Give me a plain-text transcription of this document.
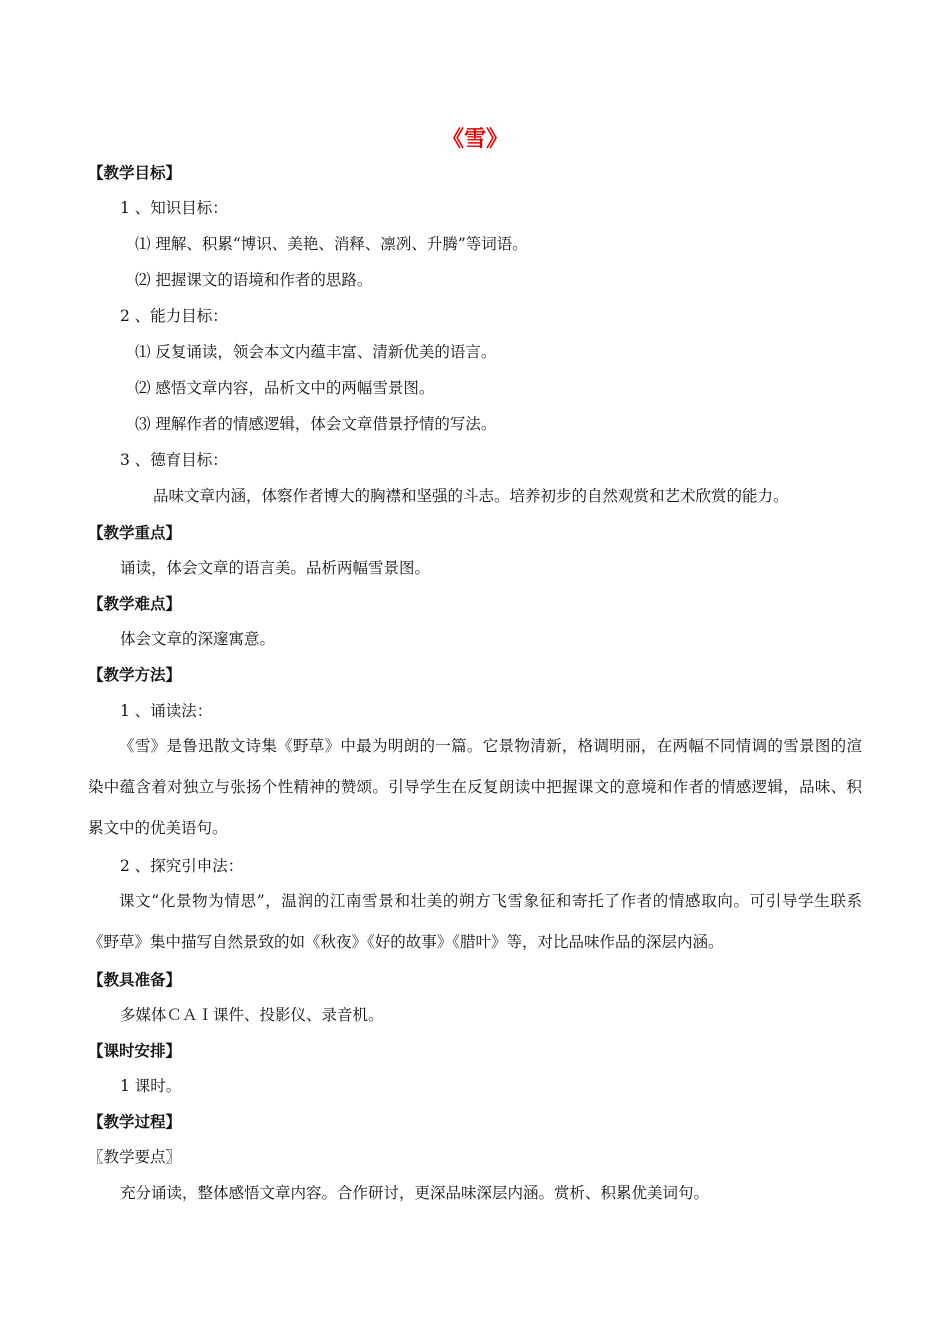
《雪》
【教学目标】
1 、知识目标：
⑴ 理解、积累“博识、美艳、消释、凛冽、升腾”等词语。
⑵ 把握课文的语境和作者的思路。
2 、能力目标：
⑴ 反复诵读，领会本文内蕴丰富、清新优美的语言。
⑵ 感悟文章内容，品析文中的两幅雪景图。
⑶ 理解作者的情感逻辑，体会文章借景抒情的写法。
3 、德育目标：
品味文章内涵，体察作者博大的胸襟和坚强的斗志。培养初步的自然观赏和艺术欣赏的能力。
【教学重点】
诵读，体会文章的语言美。品析两幅雪景图。
【教学难点】
体会文章的深邃寓意。
【教学方法】
1 、诵读法：
《雪》是鲁迅散文诗集《野草》中最为明朗的一篇。它景物清新，格调明丽，在两幅不同情调的雪景图的渲染中蕴含着对独立与张扬个性精神的赞颂。引导学生在反复朗读中把握课文的意境和作者的情感逻辑，品味、积累文中的优美语句。
2 、探究引申法：
课文“化景物为情思”，温润的江南雪景和壮美的朔方飞雪象征和寄托了作者的情感取向。可引导学生联系《野草》集中描写自然景致的如《秋夜》《好的故事》《腊叶》等，对比品味作品的深层内涵。
【教具准备】
多媒体ＣＡＩ课件、投影仪、录音机。
【课时安排】
1 课时。
【教学过程】
〖教学要点〗
充分诵读，整体感悟文章内容。合作研讨，更深品味深层内涵。赏析、积累优美词句。
